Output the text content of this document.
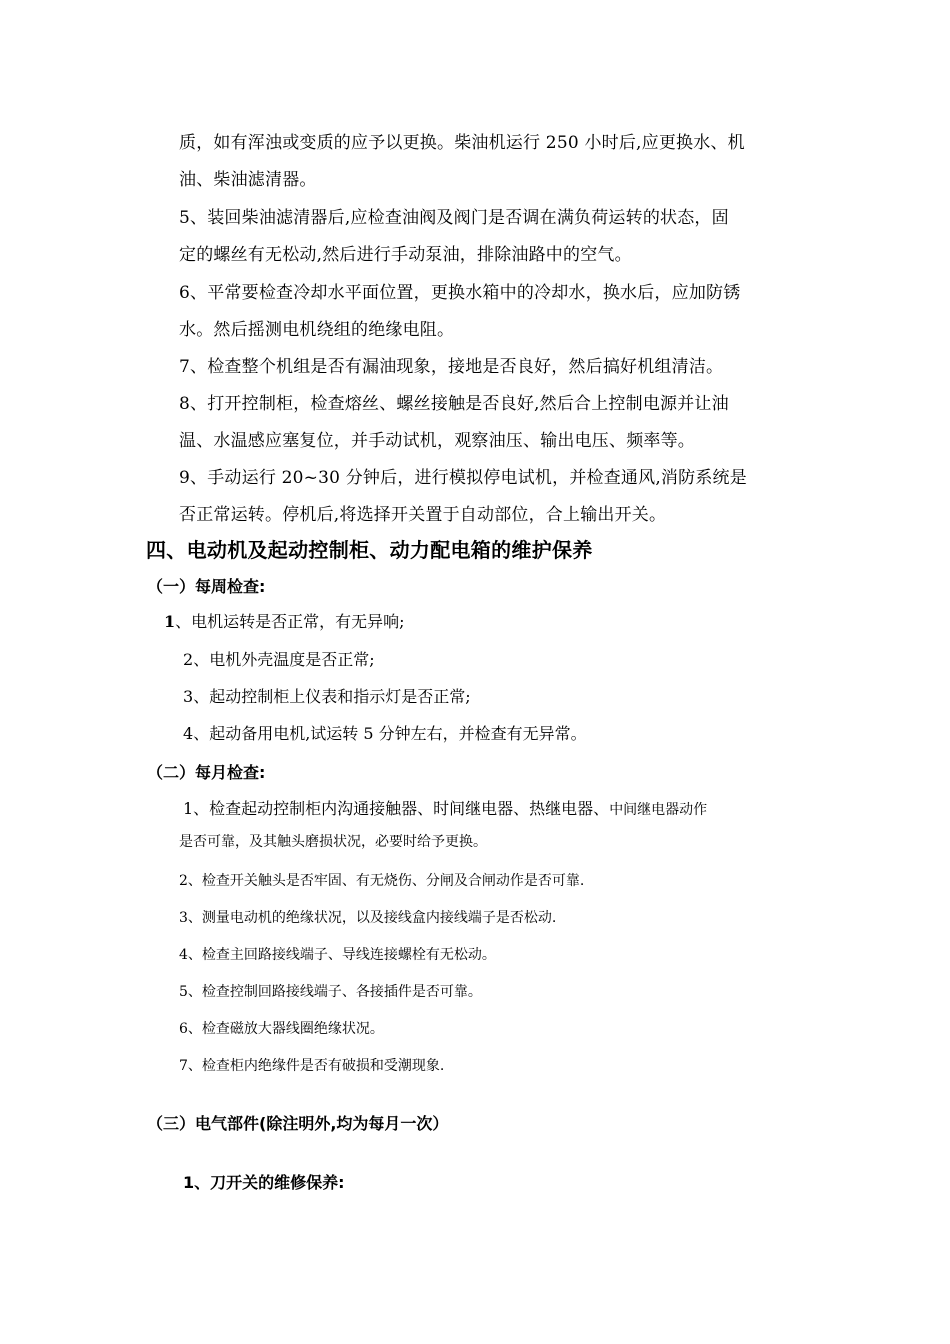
质，如有浑浊或变质的应予以更换。柴油机运行 250 小时后,应更换水、机

油、柴油滤清器。

5、装回柴油滤清器后,应检查油阀及阀门是否调在满负荷运转的状态，固

定的螺丝有无松动,然后进行手动泵油，排除油路中的空气。

6、平常要检查冷却水平面位置，更换水箱中的冷却水，换水后，应加防锈

水。然后摇测电机绕组的绝缘电阻。

7、检查整个机组是否有漏油现象，接地是否良好，然后搞好机组清洁。

8、打开控制柜，检查熔丝、螺丝接触是否良好,然后合上控制电源并让油

温、水温感应塞复位，并手动试机，观察油压、输出电压、频率等。

9、手动运行 20~30 分钟后，进行模拟停电试机，并检查通风,消防系统是

否正常运转。停机后,将选择开关置于自动部位，合上输出开关。

四、电动机及起动控制柜、动力配电箱的维护保养
（一）每周检查:

1、电机运转是否正常，有无异响;

2、电机外壳温度是否正常;

3、起动控制柜上仪表和指示灯是否正常;

4、起动备用电机,试运转 5 分钟左右，并检查有无异常。

（二）每月检查:

1、检查起动控制柜内沟通接触器、时间继电器、热继电器、中间继电器动作

是否可靠，及其触头磨损状况，必要时给予更换。

2、检查开关触头是否牢固、有无烧伤、分闸及合闸动作是否可靠.

3、测量电动机的绝缘状况，以及接线盒内接线端子是否松动.

4、检查主回路接线端子、导线连接螺栓有无松动。

5、检查控制回路接线端子、各接插件是否可靠。

6、检查磁放大器线圈绝缘状况。

7、检查柜内绝缘件是否有破损和受潮现象.

（三）电气部件(除注明外,均为每月一次）
1、刀开关的维修保养:
